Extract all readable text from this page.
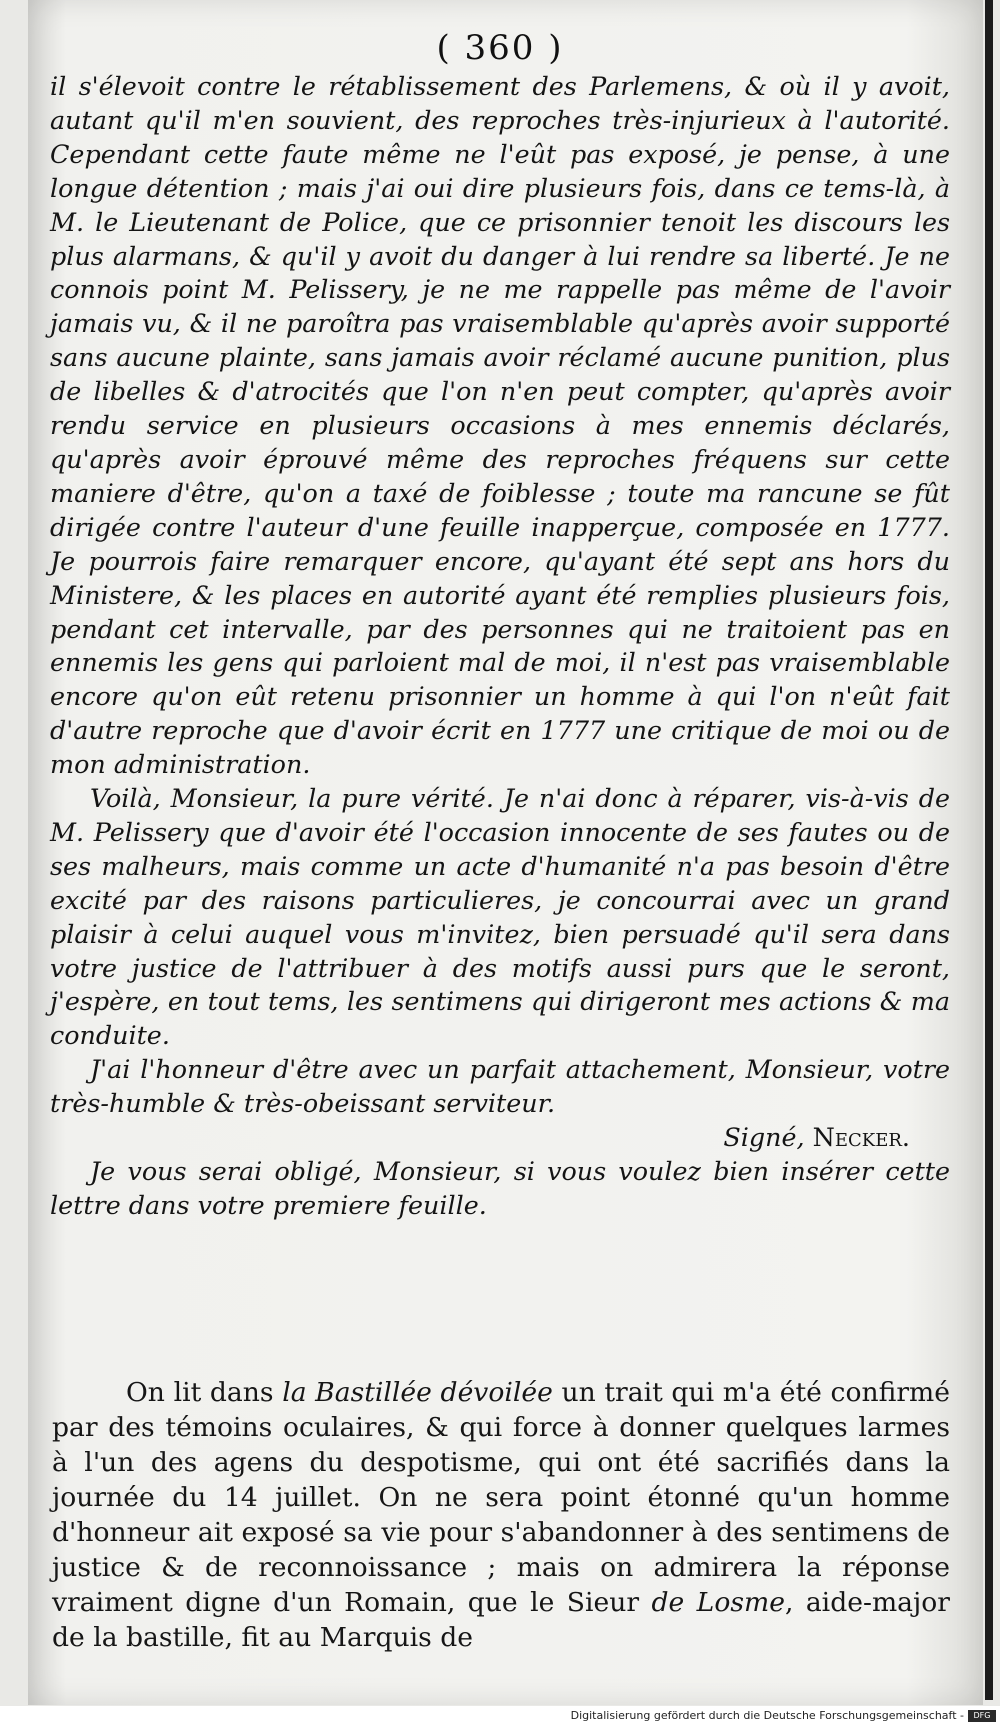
( 360 )

il s'élevoit contre le rétablissement des Parlemens, & où il y avoit, autant qu'il m'en souvient, des reproches très-injurieux à l'autorité. Cependant cette faute même ne l'eût pas exposé, je pense, à une longue détention ; mais j'ai oui dire plusieurs fois, dans ce tems-là, à M. le Lieutenant de Police, que ce prisonnier tenoit les discours les plus alarmans, & qu'il y avoit du danger à lui rendre sa liberté. Je ne connois point M. Pelissery, je ne me rappelle pas même de l'avoir jamais vu, & il ne paroîtra pas vraisemblable qu'après avoir supporté sans aucune plainte, sans jamais avoir réclamé aucune punition, plus de libelles & d'atrocités que l'on n'en peut compter, qu'après avoir rendu service en plusieurs occasions à mes ennemis déclarés, qu'après avoir éprouvé même des reproches fréquens sur cette maniere d'être, qu'on a taxé de foiblesse ; toute ma rancune se fût dirigée contre l'auteur d'une feuille inapperçue, composée en 1777. Je pourrois faire remarquer encore, qu'ayant été sept ans hors du Ministere, & les places en autorité ayant été remplies plusieurs fois, pendant cet intervalle, par des personnes qui ne traitoient pas en ennemis les gens qui parloient mal de moi, il n'est pas vraisemblable encore qu'on eût retenu prisonnier un homme à qui l'on n'eût fait d'autre reproche que d'avoir écrit en 1777 une critique de moi ou de mon administration.

Voilà, Monsieur, la pure vérité. Je n'ai donc à réparer, vis-à-vis de M. Pelissery que d'avoir été l'occasion innocente de ses fautes ou de ses malheurs, mais comme un acte d'humanité n'a pas besoin d'être excité par des raisons particulieres, je concourrai avec un grand plaisir à celui auquel vous m'invitez, bien persuadé qu'il sera dans votre justice de l'attribuer à des motifs aussi purs que le seront, j'espère, en tout tems, les sentimens qui dirigeront mes actions & ma conduite.

J'ai l'honneur d'être avec un parfait attachement, Monsieur, votre très-humble & très-obeissant serviteur.

Signé, Necker.

Je vous serai obligé, Monsieur, si vous voulez bien insérer cette lettre dans votre premiere feuille.

On lit dans la Bastillée dévoilée un trait qui m'a été confirmé par des témoins oculaires, & qui force à donner quelques larmes à l'un des agens du despotisme, qui ont été sacrifiés dans la journée du 14 juillet. On ne sera point étonné qu'un homme d'honneur ait exposé sa vie pour s'abandonner à des sentimens de justice & de reconnoissance ; mais on admirera la réponse vraiment digne d'un Romain, que le Sieur de Losme, aide-major de la bastille, fit au Marquis de

Digitalisierung gefördert durch die Deutsche Forschungsgemeinschaft -	DFG
